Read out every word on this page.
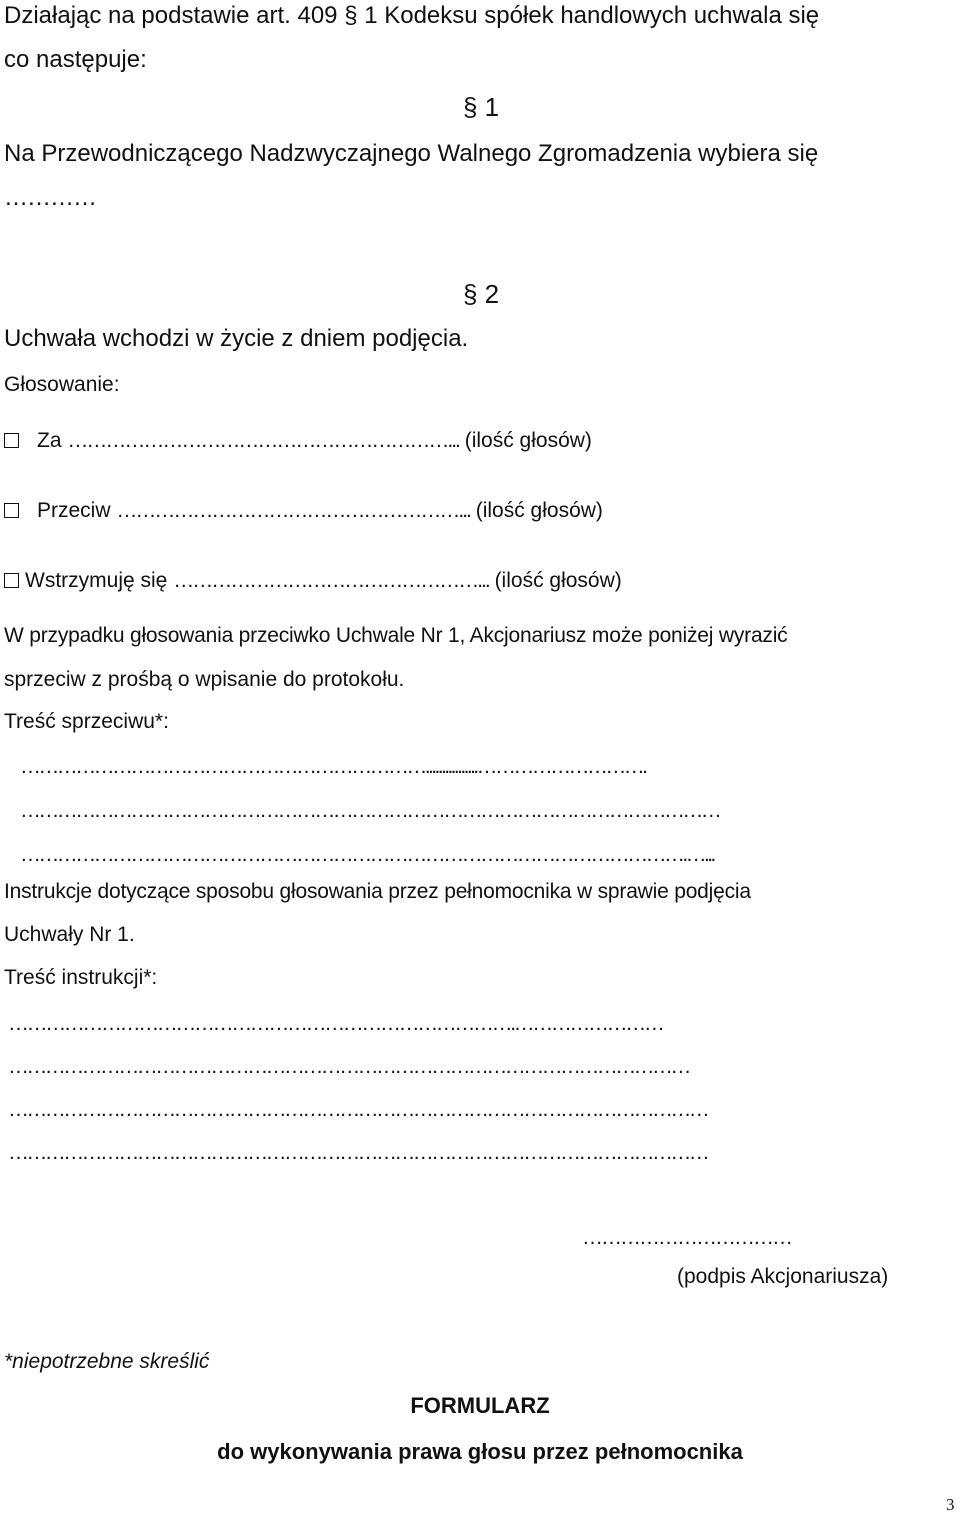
Działając na podstawie art. 409 § 1 Kodeksu spółek handlowych uchwala się
co następuje:
§ 1
Na Przewodniczącego Nadzwyczajnego Walnego Zgromadzenia wybiera się
…………
§ 2
Uchwała wchodzi w życie z dniem podjęcia.
Głosowanie:
Za ……………………………………………………... (ilość głosów)
Przeciw ………………………………………………... (ilość głosów)
Wstrzymuję się …………………………………………... (ilość głosów)
W przypadku głosowania przeciwko Uchwale Nr 1, Akcjonariusz może poniżej wyrazić
sprzeciw z prośbą o wpisanie do protokołu.
Treść sprzeciwu*:
…………………………………………………………................……………………….
……………………………………………………………………………………………………
……………………………………………………………………………………………….…...
Instrukcje dotyczące sposobu głosowania przez pełnomocnika w sprawie podjęcia
Uchwały Nr 1.
Treść instrukcji*:
……………………………………………………………………….……………………
…………………………………………………………………………………………………
……………………………………………………………………………………………………
……………………………………………………………………………………………………
……………………………
(podpis Akcjonariusza)
*niepotrzebne skreślić
FORMULARZ
do wykonywania prawa głosu przez pełnomocnika
3
